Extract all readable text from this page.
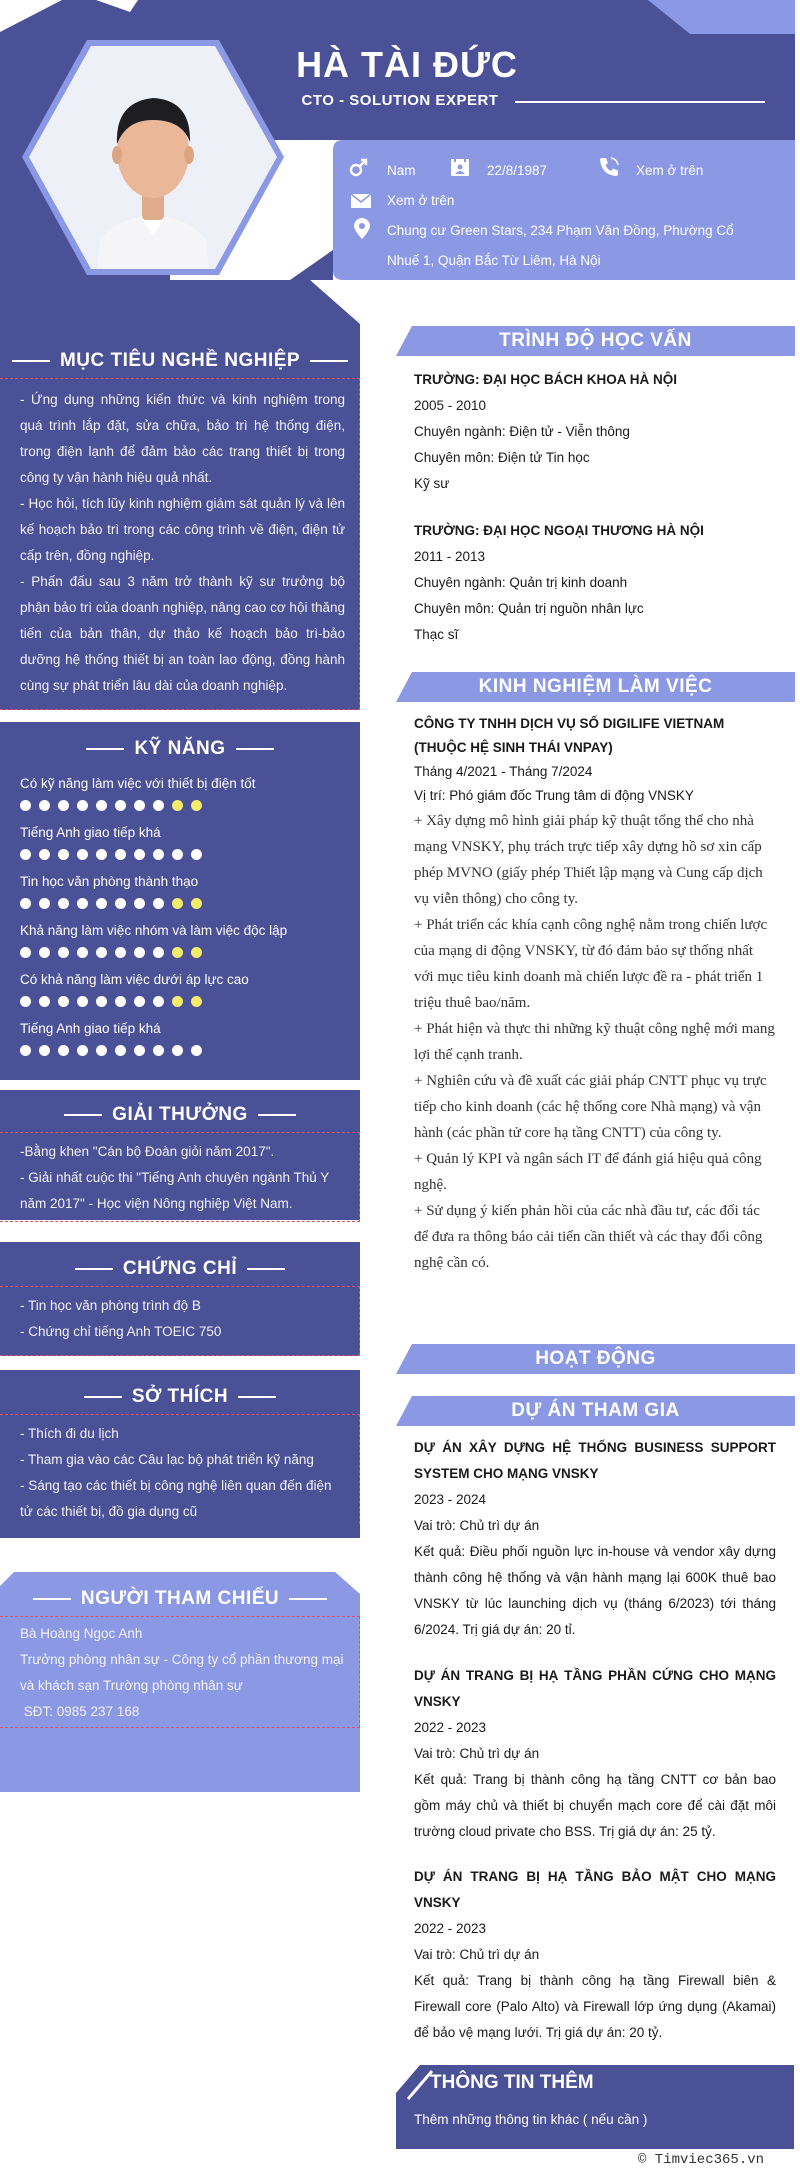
HÀ TÀI ĐỨC
CTO - SOLUTION EXPERT
Nam	22/8/1987	Xem ở trên
Xem ở trên
Chung cư Green Stars, 234 Phạm Văn Đồng, Phường Cổ
Nhuế 1, Quận Bắc Từ Liêm, Hà Nội
MỤC TIÊU NGHỀ NGHIỆP

- Ứng dụng những kiến thức và kinh nghiệm trong quá trình lắp đặt, sửa chữa, bảo trì hệ thống điện, trong điện lạnh để đảm bảo các trang thiết bị trong công ty vận hành hiệu quả nhất.

- Học hỏi, tích lũy kinh nghiệm giám sát quản lý và lên kế hoạch bảo trì trong các công trình về điện, điện tử cấp trên, đồng nghiệp.

- Phấn đấu sau 3 năm trở thành kỹ sư trưởng bộ phận bảo trì của doanh nghiệp, nâng cao cơ hội thăng tiến của bản thân, dự thảo kế hoạch bảo trì-bảo dưỡng hệ thống thiết bị an toàn lao động, đồng hành cùng sự phát triển lâu dài của doanh nghiệp.

KỸ NĂNG
Có kỹ năng làm việc với thiết bị điện tốt
Tiếng Anh giao tiếp khá
Tin học văn phòng thành thạo
Khả năng làm việc nhóm và làm việc độc lập
Có khả năng làm việc dưới áp lực cao
Tiếng Anh giao tiếp khá
GIẢI THƯỞNG

-Bằng khen "Cán bộ Đoàn giỏi năm 2017".

- Giải nhất cuộc thi "Tiếng Anh chuyên ngành Thủ Y năm 2017" - Học viện Nông nghiệp Việt Nam.

CHỨNG CHỈ

- Tin học văn phòng trình độ B

- Chứng chỉ tiếng Anh TOEIC 750

SỞ THÍCH

- Thích đi du lịch

- Tham gia vào các Câu lạc bộ phát triển kỹ năng

- Sáng tạo các thiết bị công nghệ liên quan đến điện tử các thiết bị, đồ gia dụng cũ

NGƯỜI THAM CHIẾU

Bà Hoàng Ngọc Anh

Trưởng phòng nhân sự - Công ty cổ phần thương mại và khách sạn Trường phòng nhân sự

SĐT: 0985 237 168

TRÌNH ĐỘ HỌC VẤN

TRƯỜNG: ĐẠI HỌC BÁCH KHOA HÀ NỘI

2005 - 2010

Chuyên ngành: Điện tử - Viễn thông

Chuyên môn: Điện tử Tin học

Kỹ sư

TRƯỜNG: ĐẠI HỌC NGOẠI THƯƠNG HÀ NỘI

2011 - 2013

Chuyên ngành: Quản trị kinh doanh

Chuyên môn: Quản trị nguồn nhân lực

Thạc sĩ

KINH NGHIỆM LÀM VIỆC

CÔNG TY TNHH DỊCH VỤ SỐ DIGILIFE VIETNAM (THUỘC HỆ SINH THÁI VNPAY)

Tháng 4/2021 - Tháng 7/2024

Vị trí: Phó giám đốc Trung tâm di động VNSKY

+ Xây dựng mô hình giải pháp kỹ thuật tổng thể cho nhà mạng VNSKY, phụ trách trực tiếp xây dựng hồ sơ xin cấp phép MVNO (giấy phép Thiết lập mạng và Cung cấp dịch vụ viễn thông) cho công ty.

+ Phát triển các khía cạnh công nghệ nằm trong chiến lược của mạng di động VNSKY, từ đó đảm bảo sự thống nhất với mục tiêu kinh doanh mà chiến lược đề ra - phát triển 1 triệu thuê bao/năm.

+ Phát hiện và thực thi những kỹ thuật công nghệ mới mang lợi thế cạnh tranh.

+ Nghiên cứu và đề xuất các giải pháp CNTT phục vụ trực tiếp cho kinh doanh (các hệ thống core Nhà mạng) và vận hành (các phần tử core hạ tầng CNTT) của công ty.

+ Quản lý KPI và ngân sách IT để đánh giá hiệu quả công nghệ.

+ Sử dụng ý kiến phản hồi của các nhà đầu tư, các đối tác để đưa ra thông báo cải tiến cần thiết và các thay đổi công nghệ cần có.

HOẠT ĐỘNG
DỰ ÁN THAM GIA

DỰ ÁN XÂY DỰNG HỆ THỐNG BUSINESS SUPPORT SYSTEM CHO MẠNG VNSKY

2023 - 2024

Vai trò: Chủ trì dự án

Kết quả: Điều phối nguồn lực in-house và vendor xây dựng thành công hệ thống và vận hành mạng lại 600K thuê bao VNSKY từ lúc launching dịch vụ (tháng 6/2023) tới tháng 6/2024. Trị giá dự án: 20 tỉ.

DỰ ÁN TRANG BỊ HẠ TẦNG PHẦN CỨNG CHO MẠNG VNSKY

2022 - 2023

Vai trò: Chủ trì dự án

Kết quả: Trang bị thành công hạ tầng CNTT cơ bản bao gồm máy chủ và thiết bị chuyển mạch core để cài đặt môi trường cloud private cho BSS. Trị giá dự án: 25 tỷ.

DỰ ÁN TRANG BỊ HẠ TẦNG BẢO MẬT CHO MẠNG VNSKY

2022 - 2023

Vai trò: Chủ trì dự án

Kết quả: Trang bị thành công hạ tầng Firewall biên & Firewall core (Palo Alto) và Firewall lớp ứng dụng (Akamai) để bảo vệ mạng lưới. Trị giá dự án: 20 tỷ.

THÔNG TIN THÊM
Thêm những thông tin khác ( nếu cần )
© Timviec365.vn
